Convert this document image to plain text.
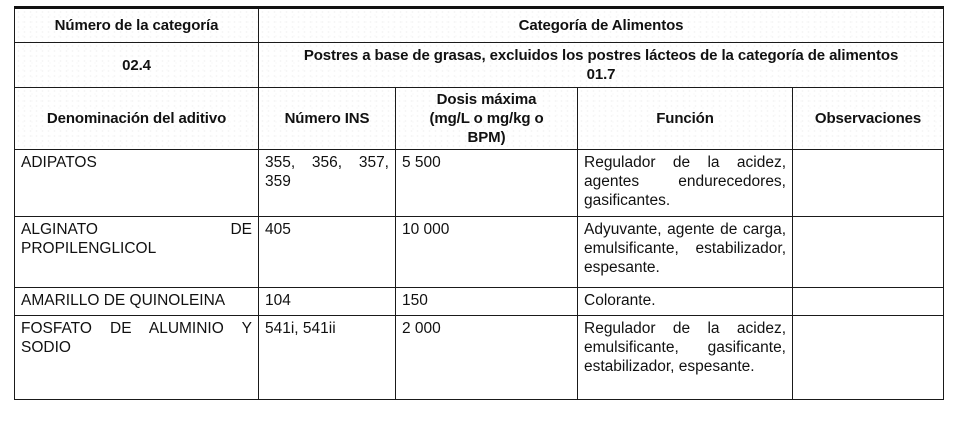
Número de la categoría	Categoría de Alimentos			
02.4	Postres a base de grasas, excluidos los postres lácteos de la categoría de alimentos 01.7			
Denominación del aditivo	Número INS	Dosis máxima (mg/L o mg/kg o BPM)	Función	Observaciones
ADIPATOS	355, 356, 357, 359	5 500	Regulador de la acidez, agentes endurecedores, gasificantes.	
ALGINATO DE PROPILENGLICOL	405	10 000	Adyuvante, agente de carga, emulsificante, estabilizador, espesante.	
AMARILLO DE QUINOLEINA	104	150	Colorante.	
FOSFATO DE ALUMINIO Y SODIO	541i, 541ii	2 000	Regulador de la acidez, emulsificante, gasificante, estabilizador, espesante.	
